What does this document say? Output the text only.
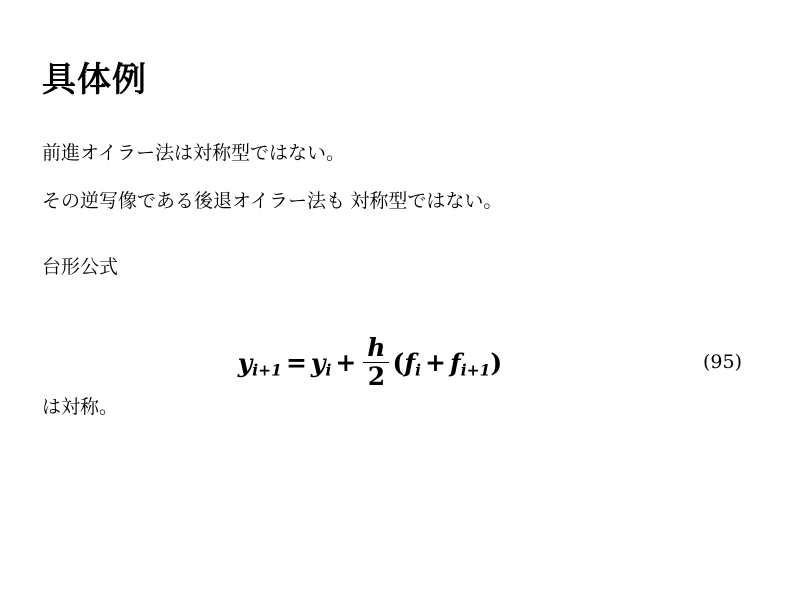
具体例
前進オイラー法は対称型ではない。
その逆写像である後退オイラー法も 対称型ではない。
台形公式
$y_{i+1} = y_i + \frac{h}{2} (f_i + f_{i+1})$	(95)
は対称。
